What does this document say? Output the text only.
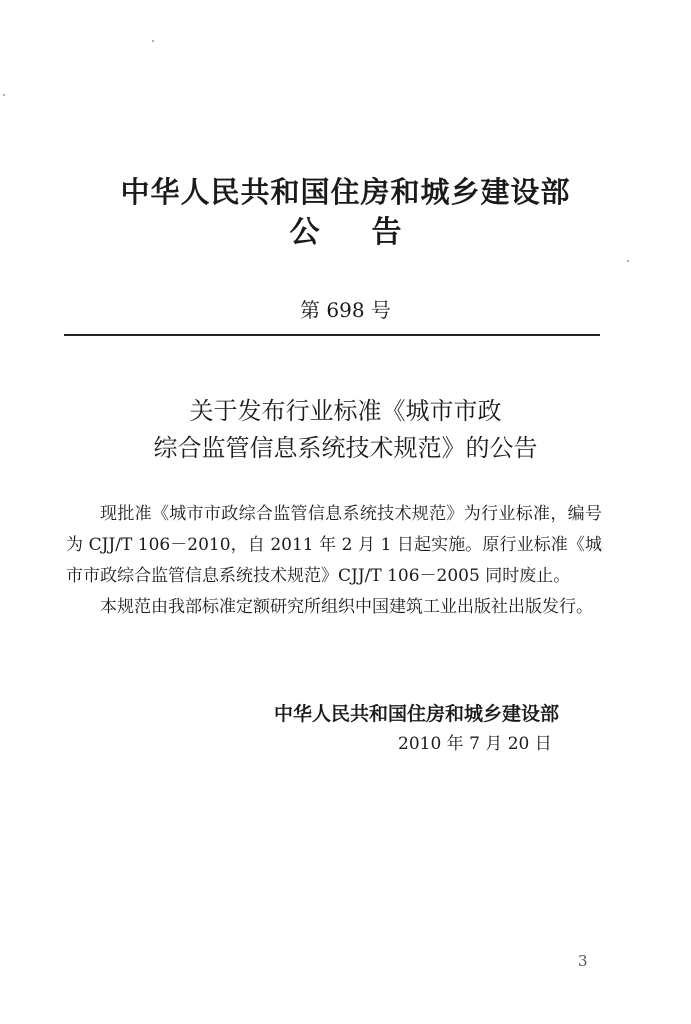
中华人民共和国住房和城乡建设部
公告
第 698 号
关于发布行业标准《城市市政
综合监管信息系统技术规范》的公告

现批准《城市市政综合监管信息系统技术规范》为行业标准，编号为 CJJ/T 106－2010，自 2011 年 2 月 1 日起实施。原行业标准《城市市政综合监管信息系统技术规范》CJJ/T 106－2005 同时废止。

本规范由我部标准定额研究所组织中国建筑工业出版社出版发行。

中华人民共和国住房和城乡建设部
2010 年 7 月 20 日
3
